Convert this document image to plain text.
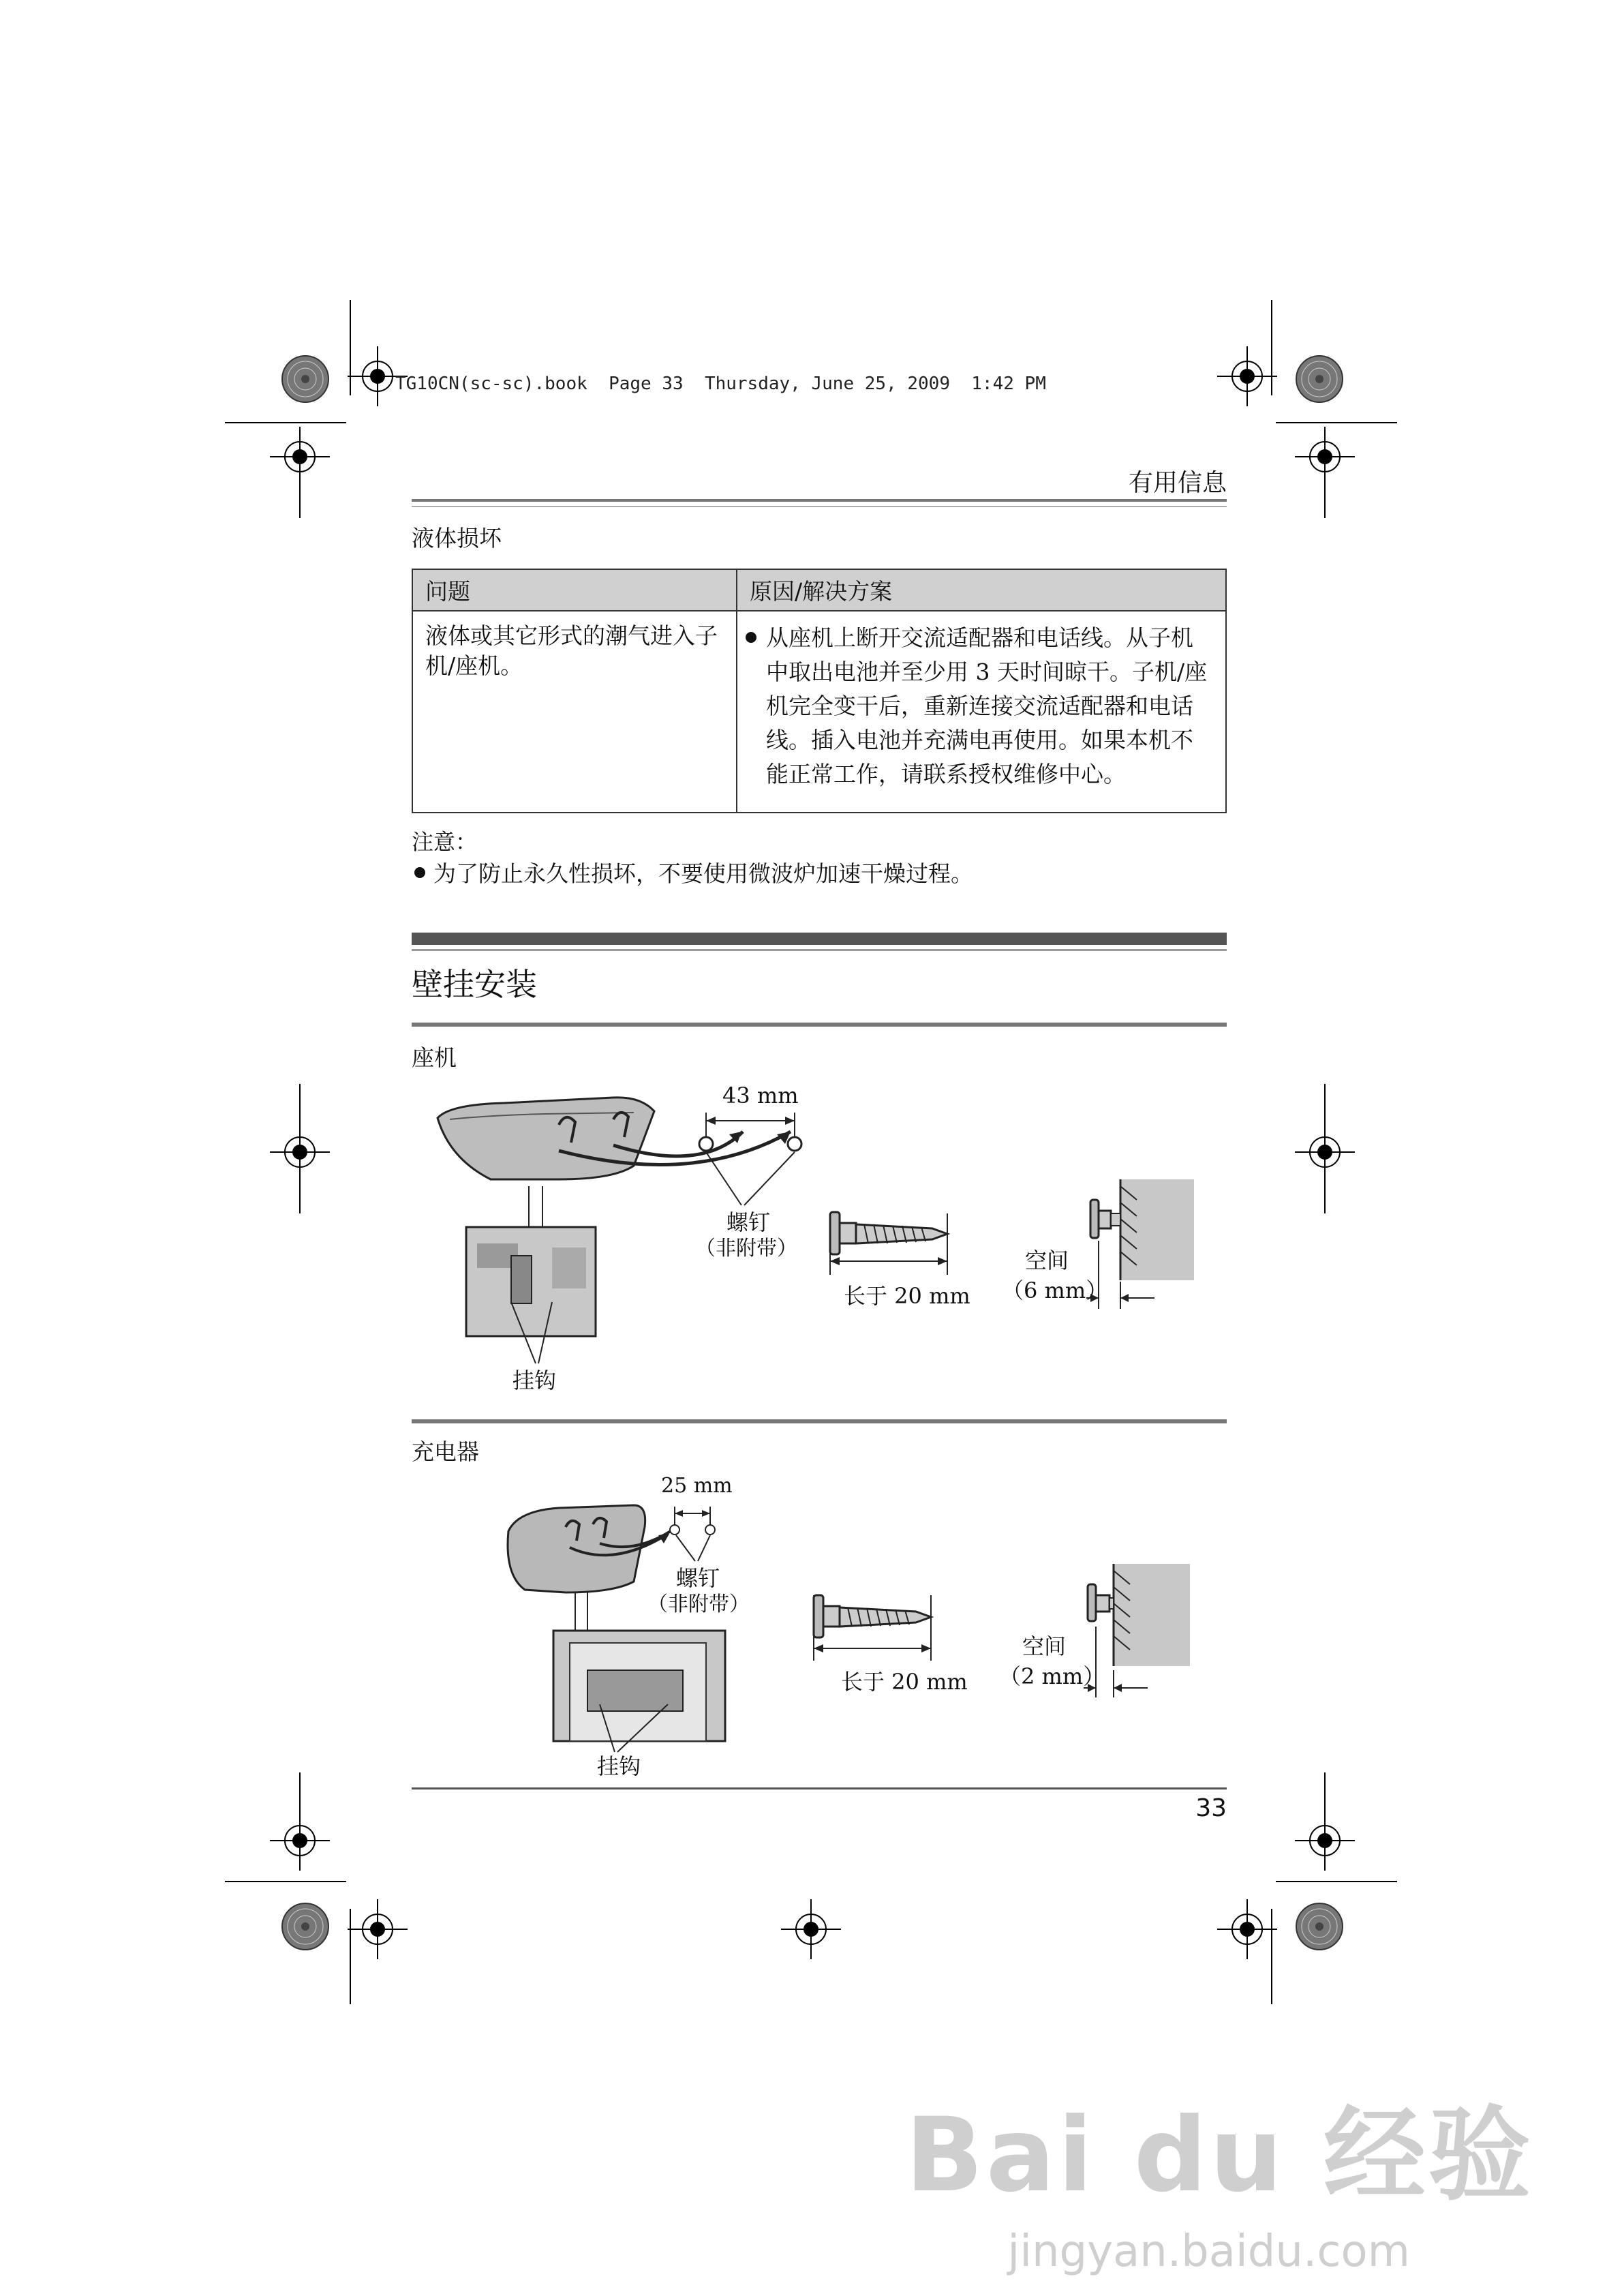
TG10CN(sc-sc).book  Page 33  Thursday, June 25, 2009  1:42 PM
有用信息
液体损坏
问题	原因/解决方案
液体或其它形式的潮气进入子机/座机。	从座机上断开交流适配器和电话线。从子机中取出电池并至少用 3 天时间晾干。子机/座机完全变干后，重新连接交流适配器和电话线。插入电池并充满电再使用。如果本机不能正常工作，请联系授权维修中心。
注意：
为了防止永久性损坏，不要使用微波炉加速干燥过程。
壁挂安装
座机
43 mm
螺钉
（非附带）
长于 20 mm
空间
（6 mm）
挂钩
充电器
25 mm
螺钉
（非附带）
长于 20 mm
空间
（2 mm）
挂钩
33
Bai du 经验
jingyan.baidu.com
